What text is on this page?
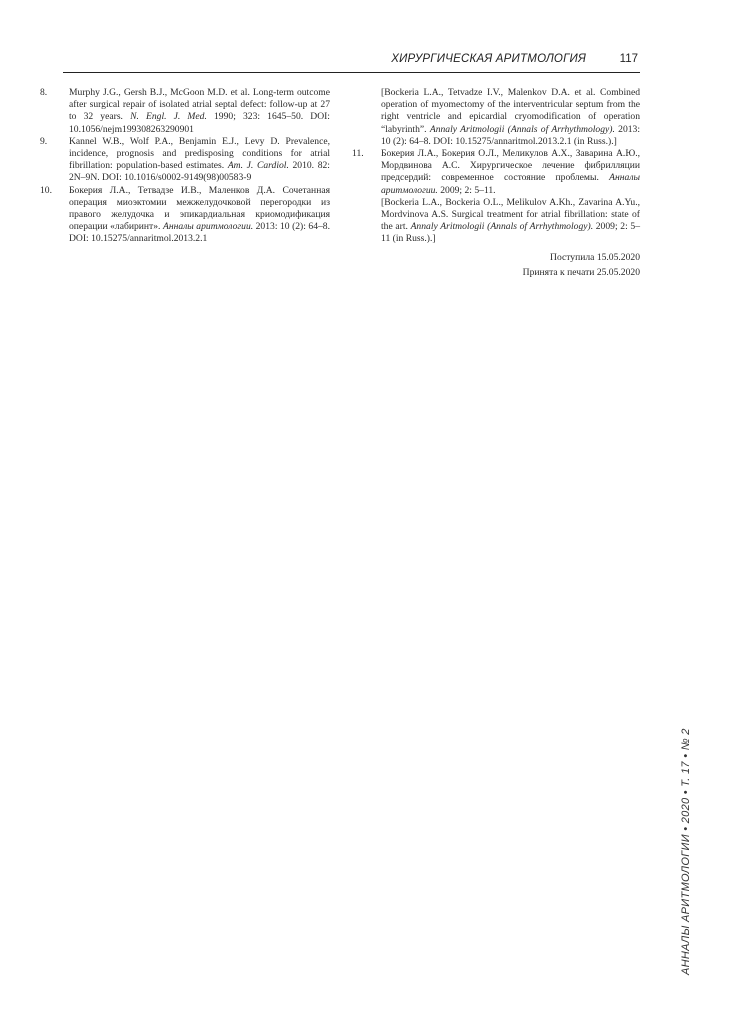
ХИРУРГИЧЕСКАЯ АРИТМОЛОГИЯ	117
8.	Murphy J.G., Gersh B.J., McGoon M.D. et al. Long-term outcome after surgical repair of isolated atrial septal defect: follow-up at 27 to 32 years. N. Engl. J. Med. 1990; 323: 1645–50. DOI: 10.1056/nejm199308263290901
9.	Kannel W.B., Wolf P.A., Benjamin E.J., Levy D. Prevalence, incidence, prognosis and predisposing conditions for atrial fibrillation: population-based estimates. Am. J. Cardiol. 2010. 82: 2N–9N. DOI: 10.1016/s0002-9149(98)00583-9
10.	Бокерия Л.А., Тетвадзе И.В., Маленков Д.А. Сочетанная операция миоэктомии межжелудочковой перегородки из правого желудочка и эпикардиальная криомодификация операции «лабиринт». Анналы аритмологии. 2013: 10 (2): 64–8. DOI: 10.15275/annaritmol.2013.2.1
[Bockeria L.A., Tetvadze I.V., Malenkov D.A. et al. Combined operation of myomectomy of the interventricular septum from the right ventricle and epicardial cryomodification of operation “labyrinth”. Annaly Aritmologii (Annals of Arrhythmology). 2013: 10 (2): 64–8. DOI: 10.15275/annaritmol.2013.2.1 (in Russ.).]
11.	Бокерия Л.А., Бокерия О.Л., Меликулов А.Х., Заварина А.Ю., Мордвинова А.С. Хирургическое лечение фибрилляции предсердий: современное состояние проблемы. Анналы аритмологии. 2009; 2: 5–11.
[Bockeria L.A., Bockeria O.L., Melikulov A.Kh., Zavarina A.Yu., Mordvinova A.S. Surgical treatment for atrial fibrillation: state of the art. Annaly Aritmologii (Annals of Arrhythmology). 2009; 2: 5–11 (in Russ.).]
Поступила 15.05.2020
Принята к печати 25.05.2020
АННАЛЫ АРИТМОЛОГИИ • 2020 • Т. 17 • № 2
